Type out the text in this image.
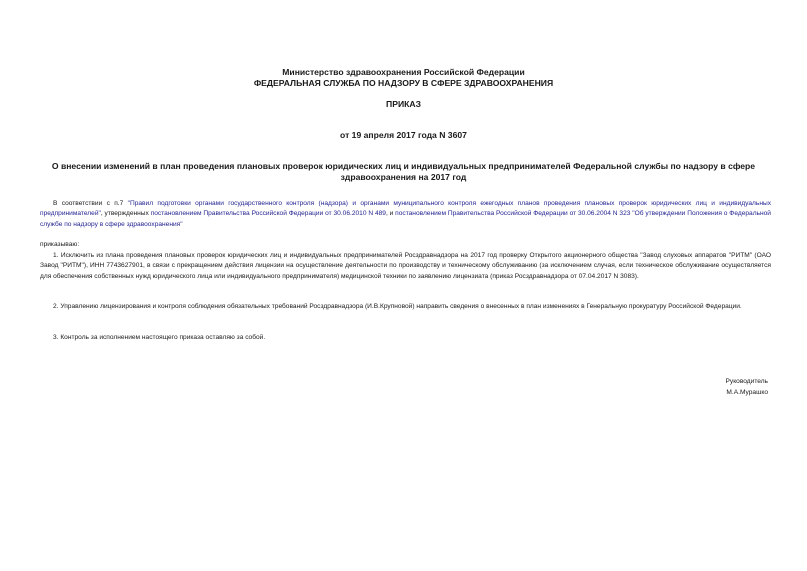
Министерство здравоохранения Российской Федерации
ФЕДЕРАЛЬНАЯ СЛУЖБА ПО НАДЗОРУ В СФЕРЕ ЗДРАВООХРАНЕНИЯ
ПРИКАЗ
от 19 апреля 2017 года N 3607
О внесении изменений в план проведения плановых проверок юридических лиц и индивидуальных предпринимателей Федеральной службы по надзору в сфере здравоохранения на 2017 год
В соответствии с п.7 "Правил подготовки органами государственного контроля (надзора) и органами муниципального контроля ежегодных планов проведения плановых проверок юридических лиц и индивидуальных предпринимателей", утвержденных постановлением Правительства Российской Федерации от 30.06.2010 N 489, и постановлением Правительства Российской Федерации от 30.06.2004 N 323 "Об утверждении Положения о Федеральной службе по надзору в сфере здравоохранения"
приказываю:
1. Исключить из плана проведения плановых проверок юридических лиц и индивидуальных предпринимателей Росздравнадзора на 2017 год проверку Открытого акционерного общества "Завод слуховых аппаратов "РИТМ" (ОАО Завод "РИТМ"), ИНН 7743627901, в связи с прекращением действия лицензии на осуществление деятельности по производству и техническому обслуживанию (за исключением случая, если техническое обслуживание осуществляется для обеспечения собственных нужд юридического лица или индивидуального предпринимателя) медицинской техники по заявлению лицензиата (приказ Росздравнадзора от 07.04.2017 N 3083).
2. Управлению лицензирования и контроля соблюдения обязательных требований Росздравнадзора (И.В.Крупновой) направить сведения о внесенных в план изменениях в Генеральную прокуратуру Российской Федерации.
3. Контроль за исполнением настоящего приказа оставляю за собой.
Руководитель
М.А.Мурашко
